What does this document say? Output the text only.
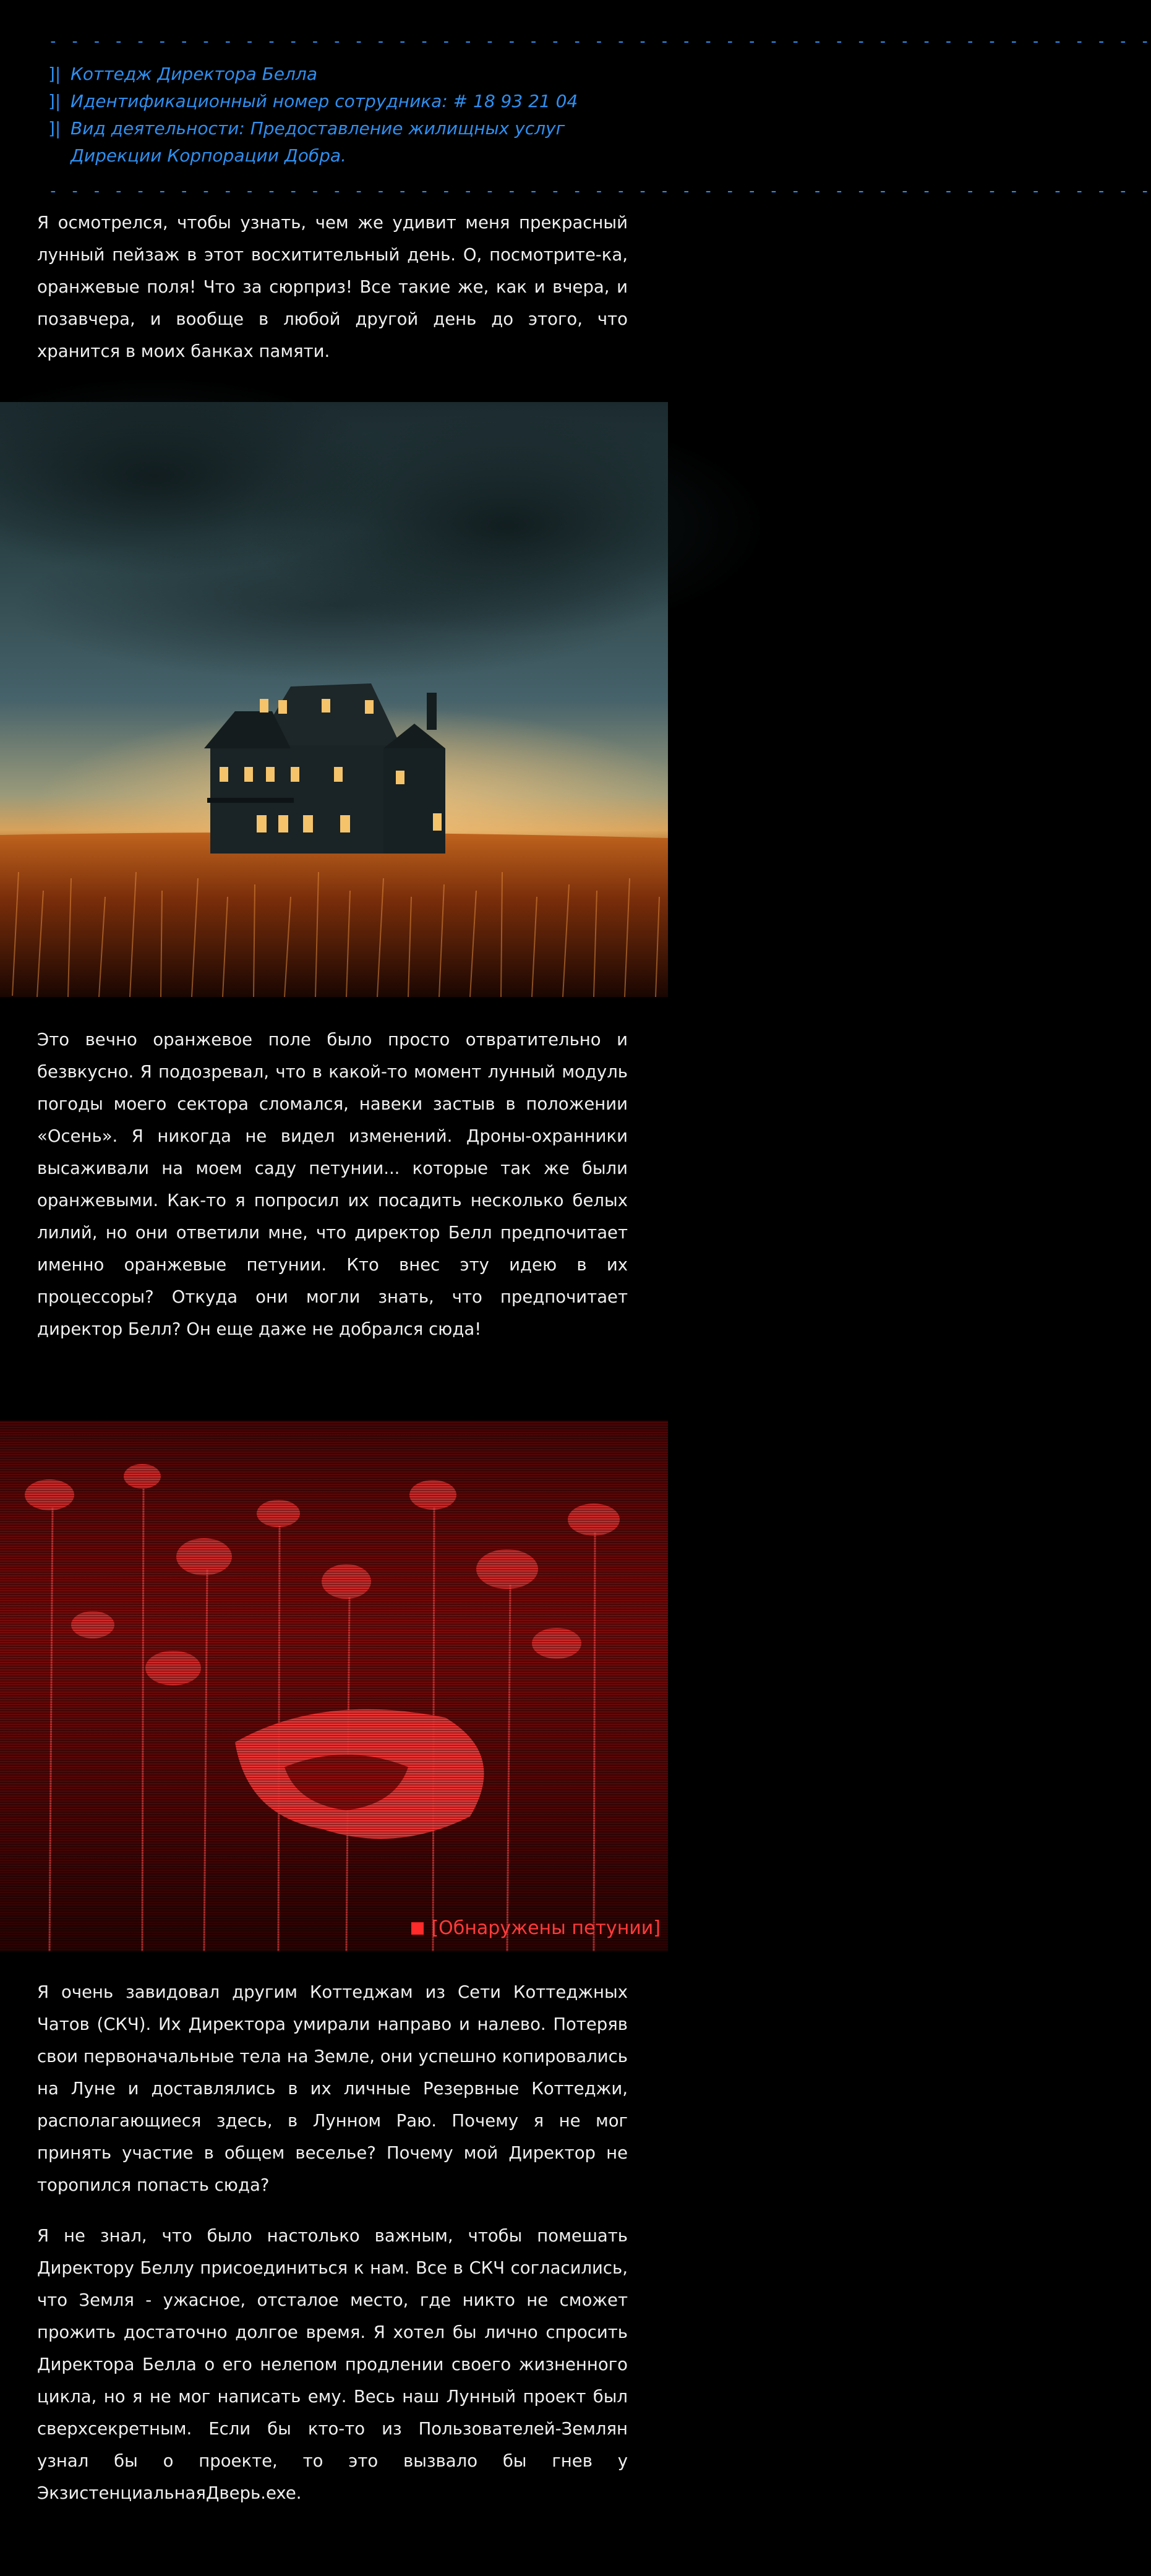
- - - - - - - - - - - - - - - - - - - - - - - - - - - - - - - - - - - - - - - - - - - - - - - - - - -
]| Коттедж Директора Белла
]| Идентификационный номер сотрудника: # 18 93 21 04
]| Вид деятельности: Предоставление жилищных услуг Дирекции Корпорации Добра.
- - - - - - - - - - - - - - - - - - - - - - - - - - - - - - - - - - - - - - - - - - - - - - - - - - -

Я осмотрелся, чтобы узнать, чем же удивит меня прекрасный лунный пейзаж в этот восхитительный день. О, посмотрите-ка, оранжевые поля! Что за сюрприз! Все такие же, как и вчера, и позавчера, и вообще в любой другой день до этого, что хранится в моих банках памяти.

Это вечно оранжевое поле было просто отвратительно и безвкусно. Я подозревал, что в какой-то момент лунный модуль погоды моего сектора сломался, навеки застыв в положении «Осень». Я никогда не видел изменений. Дроны-охранники высаживали на моем саду петунии... которые так же были оранжевыми. Как-то я попросил их посадить несколько белых лилий, но они ответили мне, что директор Белл предпочитает именно оранжевые петунии. Кто внес эту идею в их процессоры? Откуда они могли знать, что предпочитает директор Белл? Он еще даже не добрался сюда!

[Обнаружены петунии]

Я очень завидовал другим Коттеджам из Сети Коттеджных Чатов (СКЧ). Их Директора умирали направо и налево. Потеряв свои первоначальные тела на Земле, они успешно копировались на Луне и доставлялись в их личные Резервные Коттеджи, располагающиеся здесь, в Лунном Раю. Почему я не мог принять участие в общем веселье? Почему мой Директор не торопился попасть сюда?

Я не знал, что было настолько важным, чтобы помешать Директору Беллу присоединиться к нам. Все в СКЧ согласились, что Земля - ужасное, отсталое место, где никто не сможет прожить достаточно долгое время. Я хотел бы лично спросить Директора Белла о его нелепом продлении своего жизненного цикла, но я не мог написать ему. Весь наш Лунный проект был сверхсекретным. Если бы кто-то из Пользователей-Землян узнал бы о проекте, то это вызвало бы гнев у ЭкзистенциальнаяДверь.exe.
